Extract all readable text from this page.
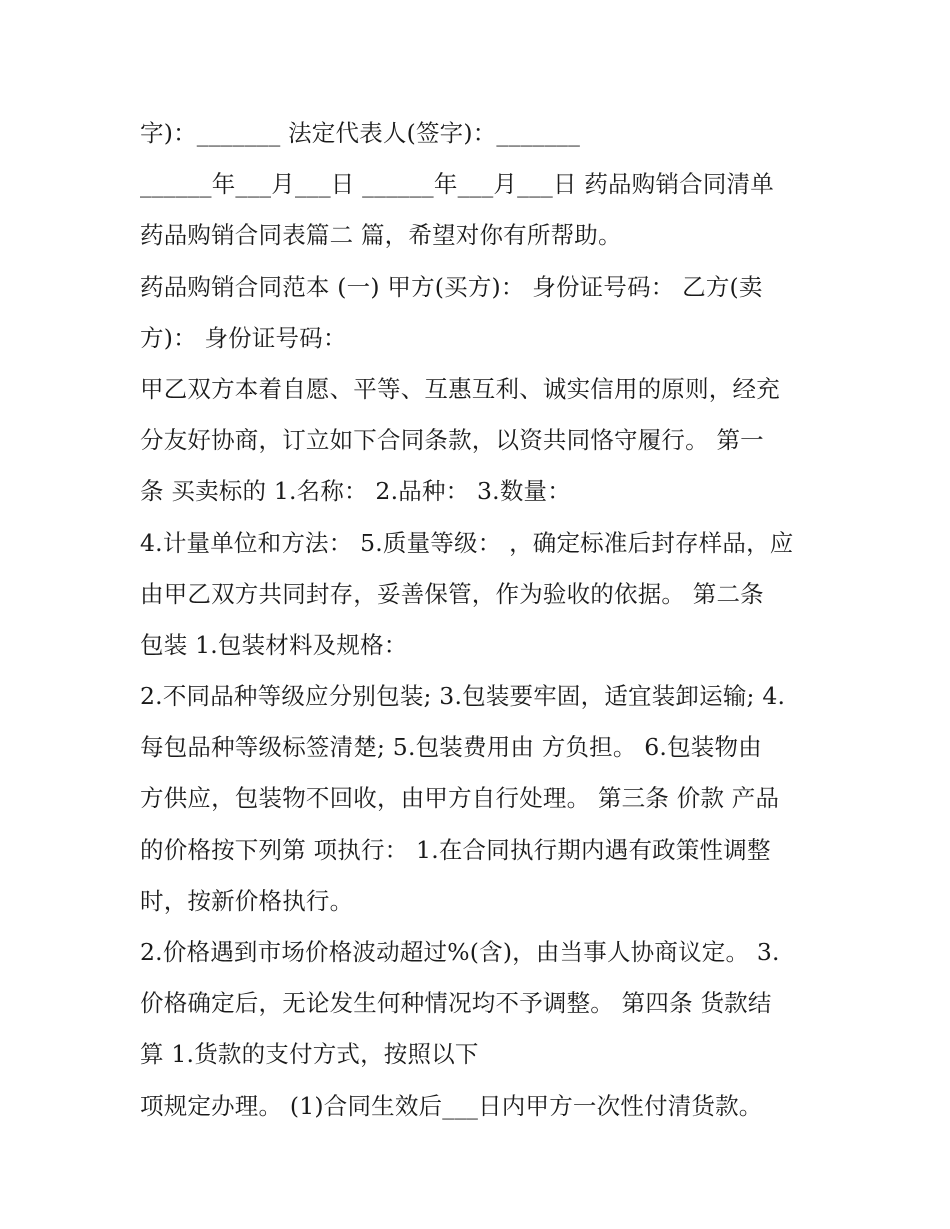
字)：_______ 法定代表人(签字)：_______
______年___月___日 ______年___月___日 药品购销合同清单
药品购销合同表篇二 篇，希望对你有所帮助。
药品购销合同范本 (一) 甲方(买方)： 身份证号码： 乙方(卖
方)： 身份证号码：
甲乙双方本着自愿、平等、互惠互利、诚实信用的原则，经充
分友好协商，订立如下合同条款，以资共同恪守履行。 第一
条 买卖标的 1.名称： 2.品种： 3.数量：
4.计量单位和方法： 5.质量等级： ，确定标准后封存样品，应
由甲乙双方共同封存，妥善保管，作为验收的依据。 第二条
包装 1.包装材料及规格：
2.不同品种等级应分别包装; 3.包装要牢固，适宜装卸运输; 4.
每包品种等级标签清楚; 5.包装费用由 方负担。 6.包装物由
方供应，包装物不回收，由甲方自行处理。 第三条 价款 产品
的价格按下列第 项执行： 1.在合同执行期内遇有政策性调整
时，按新价格执行。
2.价格遇到市场价格波动超过%(含)，由当事人协商议定。 3.
价格确定后，无论发生何种情况均不予调整。 第四条 货款结
算 1.货款的支付方式，按照以下
项规定办理。 (1)合同生效后___日内甲方一次性付清货款。
